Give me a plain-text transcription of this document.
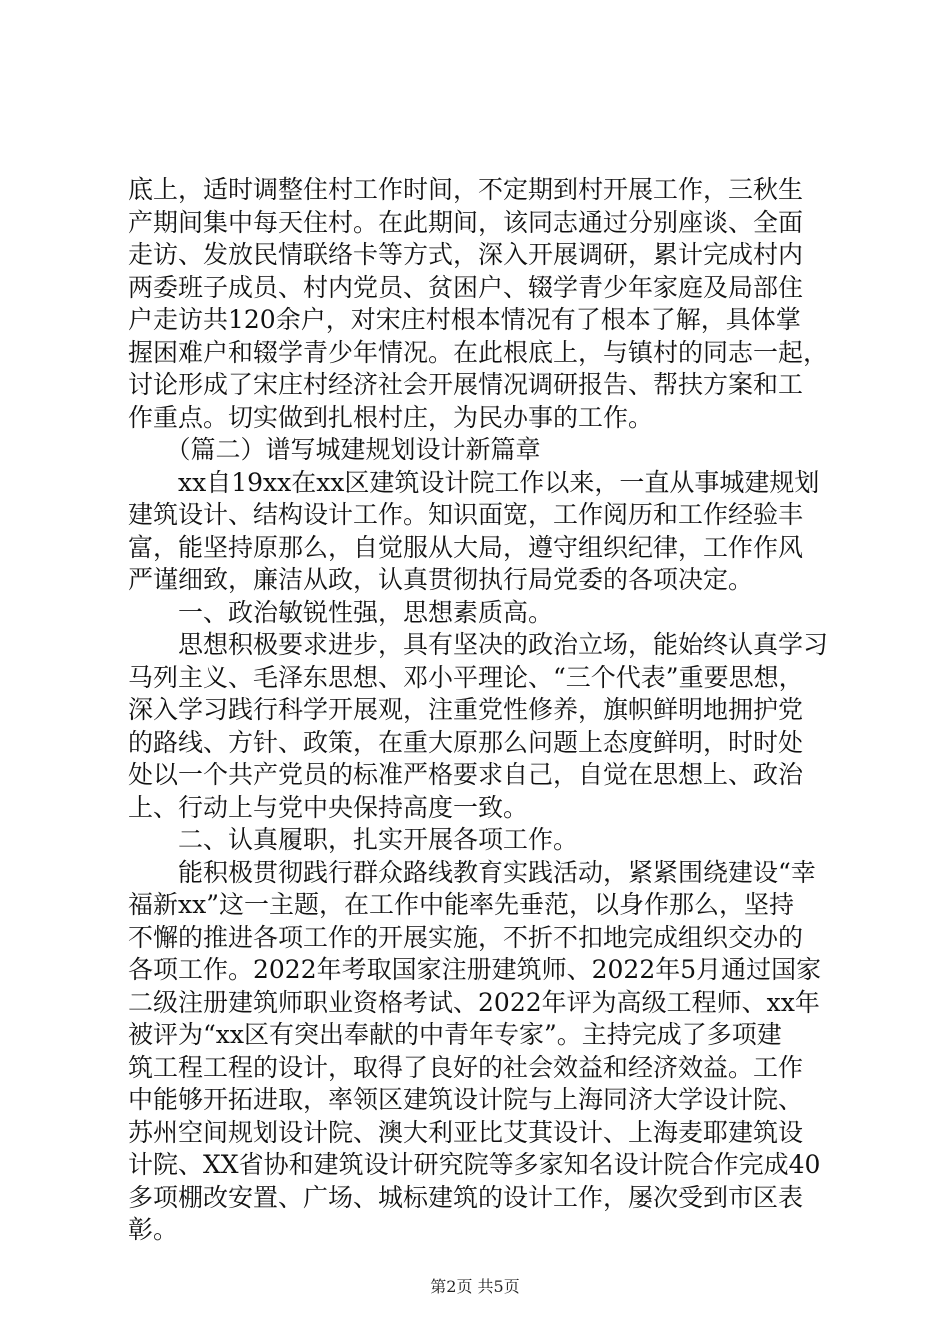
底上，适时调整住村工作时间，不定期到村开展工作，三秋生
产期间集中每天住村。在此期间，该同志通过分别座谈、全面
走访、发放民情联络卡等方式，深入开展调研，累计完成村内
两委班子成员、村内党员、贫困户、辍学青少年家庭及局部住
户走访共120余户，对宋庄村根本情况有了根本了解，具体掌
握困难户和辍学青少年情况。在此根底上，与镇村的同志一起，
讨论形成了宋庄村经济社会开展情况调研报告、帮扶方案和工
作重点。切实做到扎根村庄，为民办事的工作。
　　（篇二）谱写城建规划设计新篇章
　　xx自19xx在xx区建筑设计院工作以来，一直从事城建规划
建筑设计、结构设计工作。知识面宽，工作阅历和工作经验丰
富，能坚持原那么，自觉服从大局，遵守组织纪律，工作作风
严谨细致，廉洁从政，认真贯彻执行局党委的各项决定。
　　一、政治敏锐性强，思想素质高。
　　思想积极要求进步，具有坚决的政治立场，能始终认真学习
马列主义、毛泽东思想、邓小平理论、“三个代表”重要思想，
深入学习践行科学开展观，注重党性修养，旗帜鲜明地拥护党
的路线、方针、政策，在重大原那么问题上态度鲜明，时时处
处以一个共产党员的标准严格要求自己，自觉在思想上、政治
上、行动上与党中央保持高度一致。
　　二、认真履职，扎实开展各项工作。
　　能积极贯彻践行群众路线教育实践活动，紧紧围绕建设“幸
福新xx”这一主题，在工作中能率先垂范，以身作那么，坚持
不懈的推进各项工作的开展实施，不折不扣地完成组织交办的
各项工作。2022年考取国家注册建筑师、2022年5月通过国家
二级注册建筑师职业资格考试、2022年评为高级工程师、xx年
被评为“xx区有突出奉献的中青年专家”。主持完成了多项建
筑工程工程的设计，取得了良好的社会效益和经济效益。工作
中能够开拓进取，率领区建筑设计院与上海同济大学设计院、
苏州空间规划设计院、澳大利亚比艾萁设计、上海麦耶建筑设
计院、XX省协和建筑设计研究院等多家知名设计院合作完成40
多项棚改安置、广场、城标建筑的设计工作，屡次受到市区表
彰。
第2页 共5页
